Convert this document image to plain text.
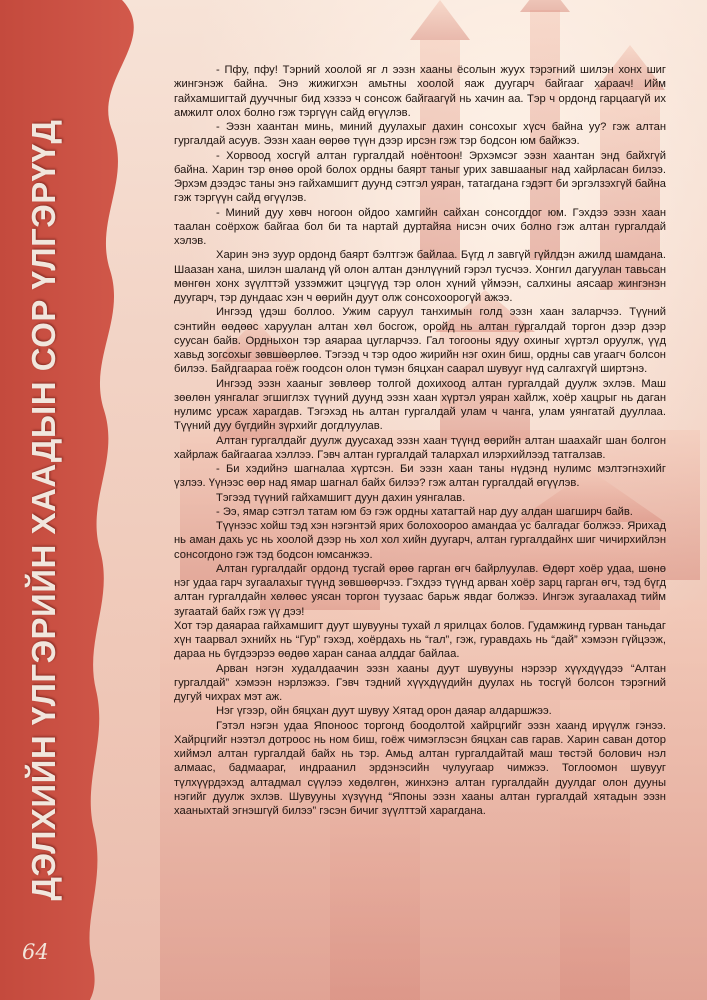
ДЭЛХИЙН ҮЛГЭРИЙН ХААДЫН СОР ҮЛГЭРҮҮД
64

- Пфу, пфу! Тэрний хоолой яг л ээзн хааны ёсолын жууx тэрэгний шилэн хонх шиг жингэнэж байна. Энэ жижигхэн амьтны хоолой яаж дуугарч байгааг хараач! Ийм гайхамшигтай дууччныг бид хэзээ ч сонсож байгаагүй нь хачин аа. Тэр ч ордонд гарцаагүй их амжилт олох болно гэж тэргүүн сайд өгүүлэв.

- Ээзн хаантан минь, миний дуулахыг дахин сонсохыг хүсч байна уу? гэж алтан гургалдай асуув. Ээзн хаан өөрөө түүн дээр ирсэн гэж тэр бодсон юм байжээ.

- Хорвоод хосгүй алтан гургалдай ноёнтоон! Эрхэмсэг ээзн хаантан энд байхгүй байна. Харин тэр өнөө орой болох ордны баярт таныг урих завшааныг над хайрласан билээ. Эрхэм дээдэс таны энэ гайхамшигт дуунд сэтгэл уяран, татагдана гэдэгт би эргэлзэхгүй байна гэж тэргүүн сайд өгүүлэв.

- Миний дуу хөвч ногоон ойдоо хамгийн сайхан сонсогддог юм. Гэхдээ ээзн хаан таалан соёрхож байгаа бол би та нартай дуртайяа нисэн очих болно гэж алтан гургалдай хэлэв.

Харин энэ зуур ордонд баярт бэлтгэж байлаа. Бүгд л завгүй гүйлдэн ажилд шамдана. Шаазан хана, шилэн шаланд үй олон алтан дэнлүүний гэрэл тусчээ. Хонгил дагуулан тавьсан мөнгөн хонх зүүлттэй уззэмжит цэцгүүд тэр олон хүний үймээн, салхины аясаар жингэнэн дуугарч, тэр дундаас хэн ч өөрийн дуут олж сонсохоорогүй ажээ.

Ингээд үдэш боллоо. Ужим саруул танхимын голд ээзн хаан заларчээ. Түүний сэнтийн өөдөөс харуулан алтан хөл босгож, оройд нь алтан гургалдай торгон дээр дээр суусан байв. Ордныхон тэр аяараа цугларчээ. Гал тогооны ядуу охиныг хүртэл оруулж, үүд хавьд зогсохыг зөвшөөрлөө. Тэгээд ч тэр одоо жирийн нэг охин биш, ордны сав угаагч болсон билээ. Байдгаараа гоёж гоодсон олон түмэн бяцхан саарал шувууг нүд салгахгүй ширтэнэ.

Ингээд ээзн хааныг зөвлөөр толгой дохихоод алтан гургалдай дуулж эхлэв. Маш зөөлөн уянгалаг эгшиглэх түүний дуунд ээзн хаан хүртэл уяран хайлж, хоёр хацрыг нь даган нулимс урсаж харагдав. Тэгэхэд нь алтан гургалдай улам ч чанга, улам уянгатай дууллаа. Түүний дуу бүгдийн зүрхийг догдлуулав.

Алтан гургалдайг дуулж дуусахад ээзн хаан түүнд өөрийн алтан шаахайг шан болгон хайрлаж байгаагаа хэллээ. Гэвч алтан гургалдай талархал илэрхийлээд татгалзав.

- Би хэдийнэ шагналаа хүртсэн. Би ээзн хаан таны нүдэнд нулимс мэлтэгнэхийг үзлээ. Үүнээс өөр над ямар шагнал байх билээ? гэж алтан гургалдай өгүүлэв.

Тэгээд түүний гайхамшигт дуун дахин уянгалав.

- Ээ, ямар сэтгэл татам юм бэ гэж ордны хатагтай нар дуу алдан шагширч байв.

Түүнээс хойш тэд хэн нэгэнтэй ярих болохоороо амандаа ус балгадаг болжээ. Ярихад нь аман дахь ус нь хоолой дээр нь хол хол хийн дуугарч, алтан гургалдайнх шиг чичирхийлэн сонсогдоно гэж тэд бодсон юмсанжээ.

Алтан гургалдайг ордонд тусгай өрөө гарган өгч байрлуулав. Өдөрт хоёр удаа, шөнө нэг удаа гарч зугаалахыг түүнд зөвшөөрчээ. Гэхдээ түүнд арван хоёр зарц гарган өгч, тэд бүгд алтан гургалдайн хөлөөс уясан торгон туузаас барьж явдаг болжээ. Ингэж зугаалахад тийм зугаатай байх гэж үү дээ!

Хот тэр даяараа гайхамшигт дуут шувууны тухай л ярилцах болов. Гудамжинд гурван таньдаг хүн таарвал эхнийх нь “Гур” гэхэд, хоёрдахь нь “гал”, гэж, гуравдахь нь “дай” хэмээн гүйцээж, дараа нь бүгдээрээ өөдөө харан санаа алддаг байлаа.

Арван нэгэн худалдаачин ээзн хааны дуут шувууны нэрээр хүүхдүүдээ “Алтан гургалдай” хэмээн нэрлэжээ. Гэвч тэдний хүүхдүүдийн дуулах нь тосгүй болсон тэрэгний дугуй чихрах мэт аж.

Нэг үгээр, ойн бяцхан дуут шувуу Хятад орон даяар алдаршжээ.

Гэтэл нэгэн удаа Японоос торгонд боодолтой хайрцгийг ээзн хаанд ирүүлж гэнээ. Хайрцгийг нээтэл дотроос нь ном биш, гоёж чимэглэсэн бяцхан сав гарав. Харин саван дотор хиймэл алтан гургалдай байх нь тэр. Амьд алтан гургалдайтай маш төстэй болович нэл алмаас, бадмаараг, индраанил эрдэнэсийн чулуугаар чимжээ. Тоглоомон шувууг түлхүүрдэхэд алтадмал сүүлээ хөдөлгөн, жинхэнэ алтан гургалдайн дуулдаг олон дууны нэгийг дуулж эхлэв. Шувууны хүзүүнд “Японы ээзн хааны алтан гургалдай хятадын ээзн хааныхтай эгнэшгүй билээ” гэсэн бичиг зүүлттэй харагдана.
